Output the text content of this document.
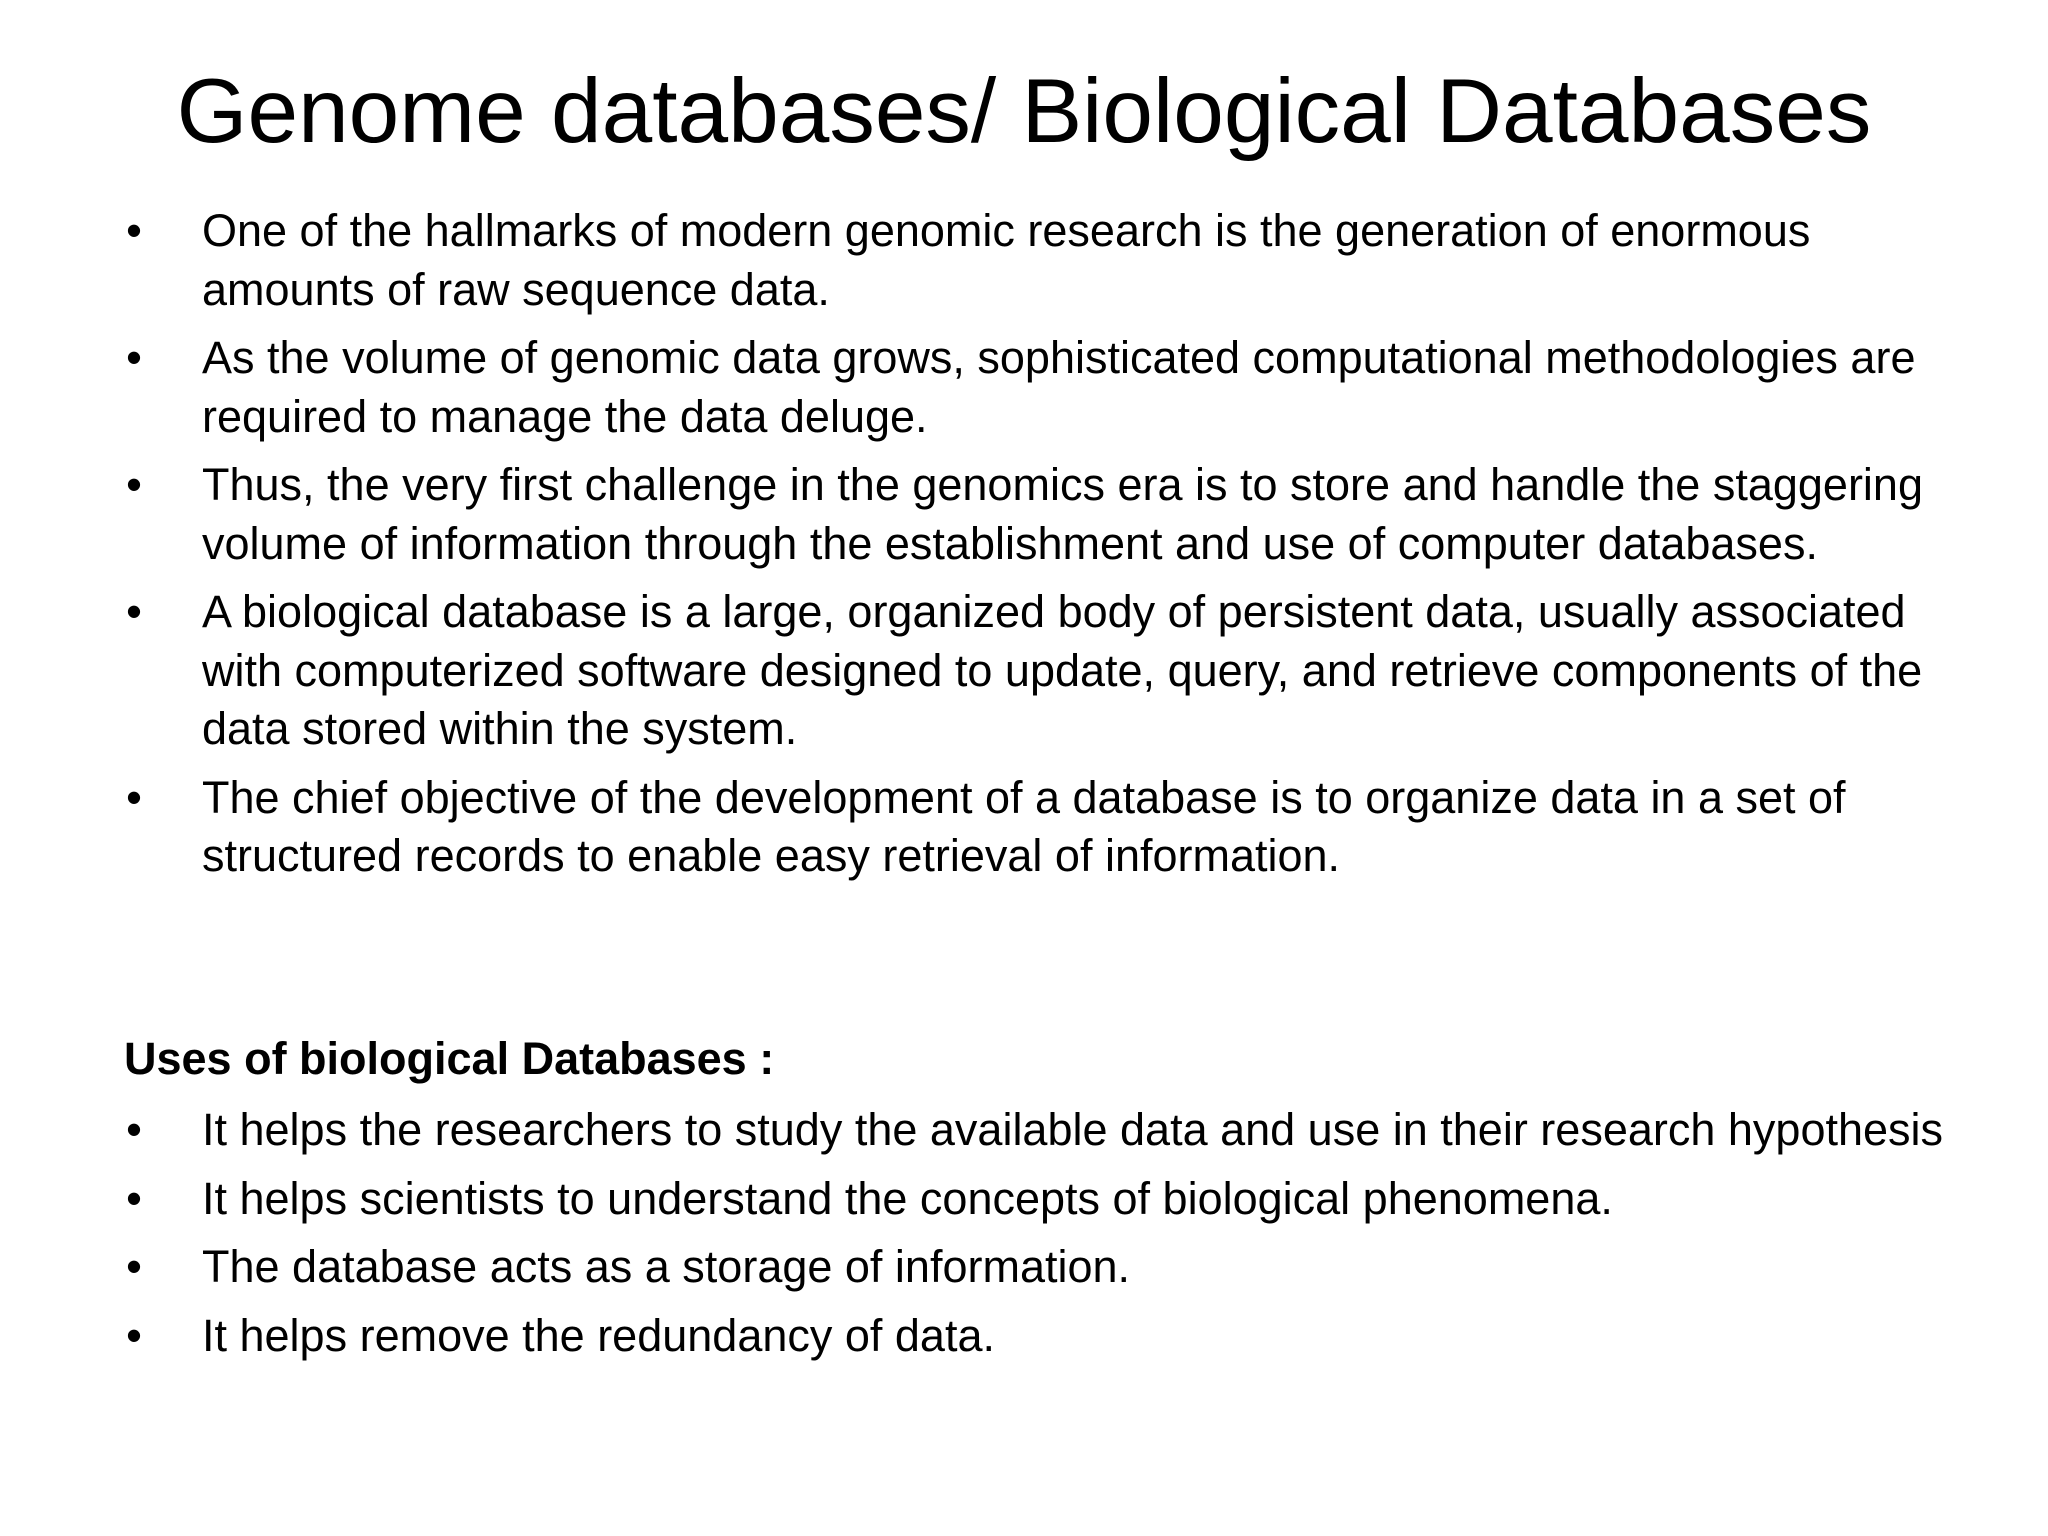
Genome databases/ Biological Databases
• One of the hallmarks of modern genomic research is the generation of enormous amounts of raw sequence data.
• As the volume of genomic data grows, sophisticated computational methodologies are required to manage the data deluge.
• Thus, the very first challenge in the genomics era is to store and handle the staggering volume of information through the establishment and use of computer databases.
• A biological database is a large, organized body of persistent data, usually associated with computerized software designed to update, query, and retrieve components of the data stored within the system.
• The chief objective of the development of a database is to organize data in a set of structured records to enable easy retrieval of information.
Uses of biological Databases :
• It helps the researchers to study the available data and use in their research hypothesis
• It helps scientists to understand the concepts of biological phenomena.
• The database acts as a storage of information.
• It helps remove the redundancy of data.
